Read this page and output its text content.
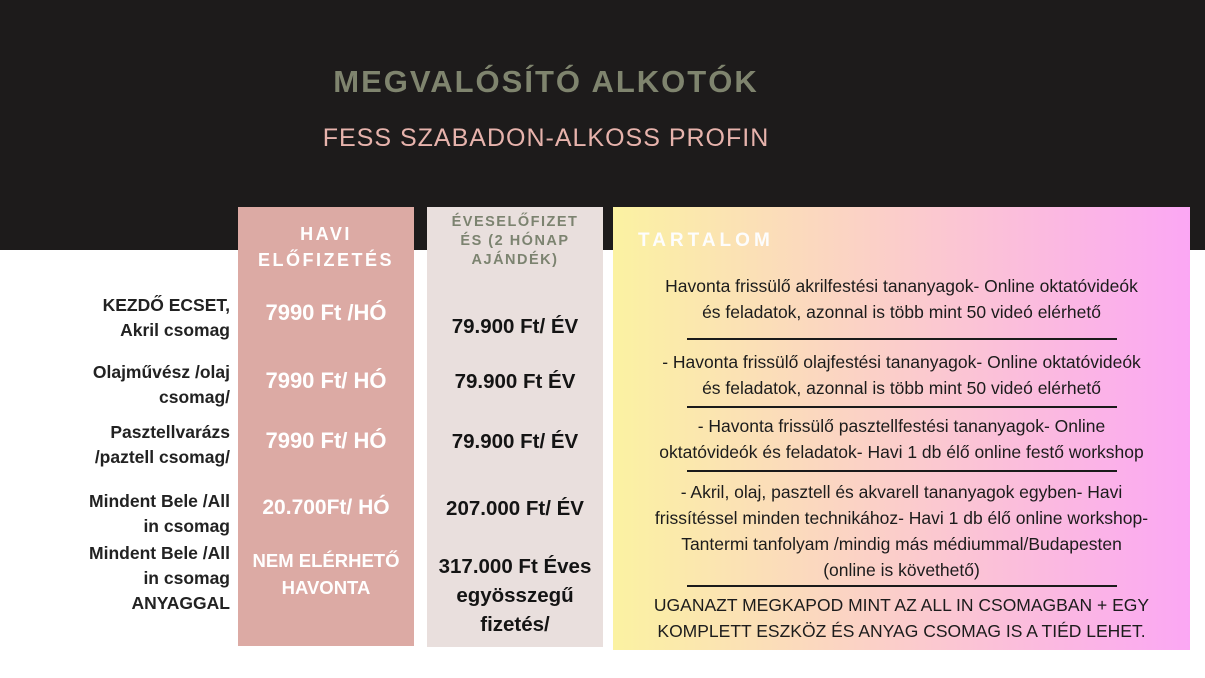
MEGVALÓSÍTÓ ALKOTÓK
FESS SZABADON-ALKOSS PROFIN
KEZDŐ ECSET,
Akril csomag
Olajművész /olaj
csomag/
Pasztellvarázs
/paztell csomag/
Mindent Bele /All
in csomag
Mindent Bele /All
in csomag
ANYAGGAL
HAVI
ELŐFIZETÉS
7990 Ft /HÓ
7990 Ft/ HÓ
7990 Ft/ HÓ
20.700Ft/ HÓ
NEM ELÉRHETŐ
HAVONTA
ÉVESELŐFIZET
ÉS (2 HÓNAP
AJÁNDÉK)
79.900 Ft/ ÉV
79.900 Ft ÉV
79.900 Ft/ ÉV
207.000 Ft/ ÉV
317.000 Ft Éves
egyösszegű
fizetés/
TARTALOM
Havonta frissülő akrilfestési tananyagok- Online oktatóvideók
és feladatok, azonnal is több mint 50 videó elérhető
- Havonta frissülő olajfestési tananyagok- Online oktatóvideók
és feladatok, azonnal is több mint 50 videó elérhető
- Havonta frissülő pasztellfestési tananyagok- Online
oktatóvideók és feladatok- Havi 1 db élő online festő workshop
- Akril, olaj, pasztell és akvarell tananyagok egyben- Havi
frissítéssel minden technikához- Havi 1 db élő online workshop-
Tantermi tanfolyam /mindig más médiummal/Budapesten
(online is követhető)
UGANAZT MEGKAPOD MINT AZ ALL IN CSOMAGBAN + EGY
KOMPLETT ESZKÖZ ÉS ANYAG CSOMAG IS A TIÉD LEHET.
